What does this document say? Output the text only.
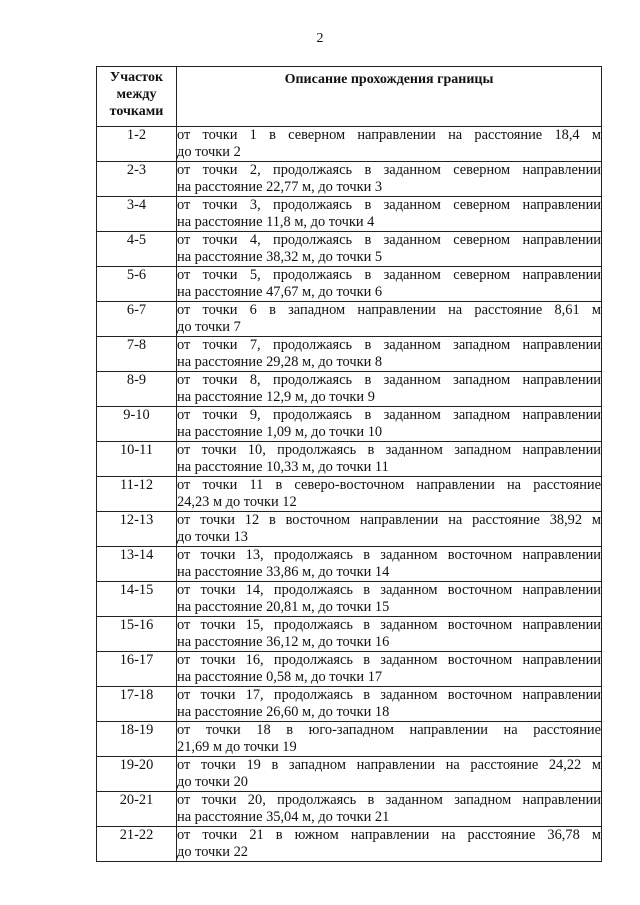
2
Участок
между
точками	Описание прохождения границы
1-2	от точки 1 в северном направлении на расстояние 18,4 м
до точки 2

2-3	от точки 2, продолжаясь в заданном северном направлении
на расстояние 22,77 м, до точки 3

3-4	от точки 3, продолжаясь в заданном северном направлении
на расстояние 11,8 м, до точки 4

4-5	от точки 4, продолжаясь в заданном северном направлении
на расстояние 38,32 м, до точки 5

5-6	от точки 5, продолжаясь в заданном северном направлении
на расстояние 47,67 м, до точки 6

6-7	от точки 6 в западном направлении на расстояние 8,61 м
до точки 7

7-8	от точки 7, продолжаясь в заданном западном направлении
на расстояние 29,28 м, до точки 8

8-9	от точки 8, продолжаясь в заданном западном направлении
на расстояние 12,9 м, до точки 9

9-10	от точки 9, продолжаясь в заданном западном направлении
на расстояние 1,09 м, до точки 10

10-11	от точки 10, продолжаясь в заданном западном направлении
на расстояние 10,33 м, до точки 11

11-12	от точки 11 в северо-восточном направлении на расстояние
24,23 м до точки 12

12-13	от точки 12 в восточном направлении на расстояние 38,92 м
до точки 13

13-14	от точки 13, продолжаясь в заданном восточном направлении
на расстояние 33,86 м, до точки 14

14-15	от точки 14, продолжаясь в заданном восточном направлении
на расстояние 20,81 м, до точки 15

15-16	от точки 15, продолжаясь в заданном восточном направлении
на расстояние 36,12 м, до точки 16

16-17	от точки 16, продолжаясь в заданном восточном направлении
на расстояние 0,58 м, до точки 17

17-18	от точки 17, продолжаясь в заданном восточном направлении
на расстояние 26,60 м, до точки 18

18-19	от точки 18 в юго-западном направлении на расстояние
21,69 м до точки 19

19-20	от точки 19 в западном направлении на расстояние 24,22 м
до точки 20

20-21	от точки 20, продолжаясь в заданном западном направлении
на расстояние 35,04 м, до точки 21

21-22	от точки 21 в южном направлении на расстояние 36,78 м
до точки 22
